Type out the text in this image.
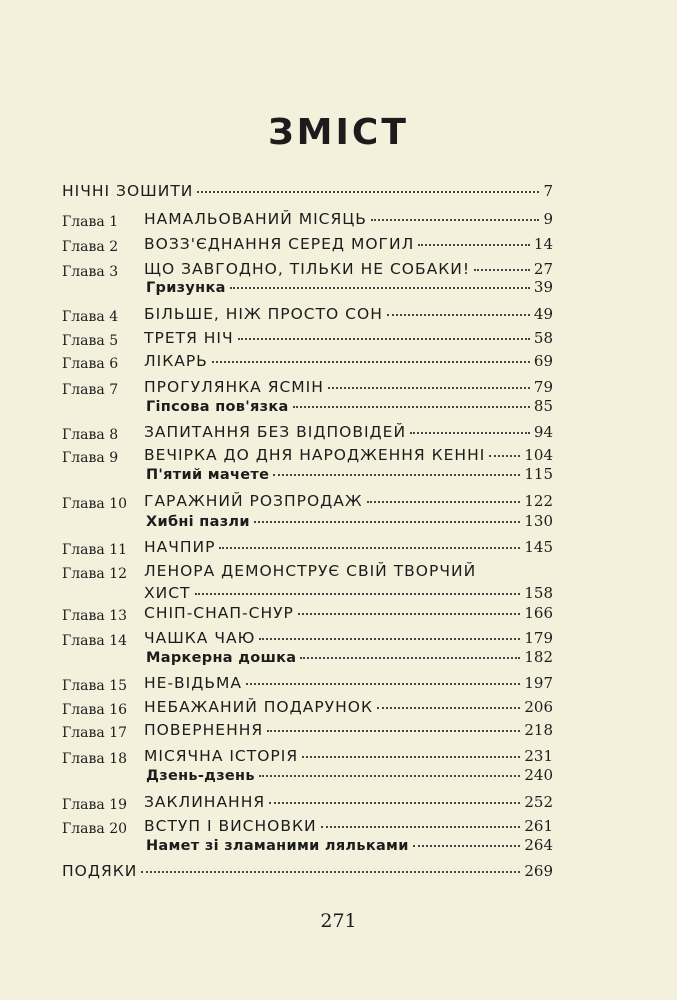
ЗМІСТ
НІЧНІ ЗОШИТИ	7
Глава 1 НАМАЛЬОВАНИЙ МІСЯЦЬ	9
Глава 2 ВОЗЗ'ЄДНАННЯ СЕРЕД МОГИЛ	14
Глава 3 ЩО ЗАВГОДНО, ТІЛЬКИ НЕ СОБАКИ!	27
Гризунка	39
Глава 4 БІЛЬШЕ, НІЖ ПРОСТО СОН	49
Глава 5 ТРЕТЯ НІЧ	58
Глава 6 ЛІКАРЬ	69
Глава 7 ПРОГУЛЯНКА ЯСМІН	79
Гіпсова пов'язка	85
Глава 8 ЗАПИТАННЯ БЕЗ ВІДПОВІДЕЙ	94
Глава 9 ВЕЧІРКА ДО ДНЯ НАРОДЖЕННЯ КЕННІ	104
П'ятий мачете	115
Глава 10 ГАРАЖНИЙ РОЗПРОДАЖ	122
Хибні пазли	130
Глава 11 НАЧПИР	145
Глава 12 ЛЕНОРА ДЕМОНСТРУЄ СВІЙ ТВОРЧИЙ
ХИСТ	158
Глава 13 СНІП-СНАП-СНУР	166
Глава 14 ЧАШКА ЧАЮ	179
Маркерна дошка	182
Глава 15 НЕ-ВІДЬМА	197
Глава 16 НЕБАЖАНИЙ ПОДАРУНОК	206
Глава 17 ПОВЕРНЕННЯ	218
Глава 18 МІСЯЧНА ІСТОРІЯ	231
Дзень-дзень	240
Глава 19 ЗАКЛИНАННЯ	252
Глава 20 ВСТУП І ВИСНОВКИ	261
Намет зі зламаними ляльками	264
ПОДЯКИ	269
271
